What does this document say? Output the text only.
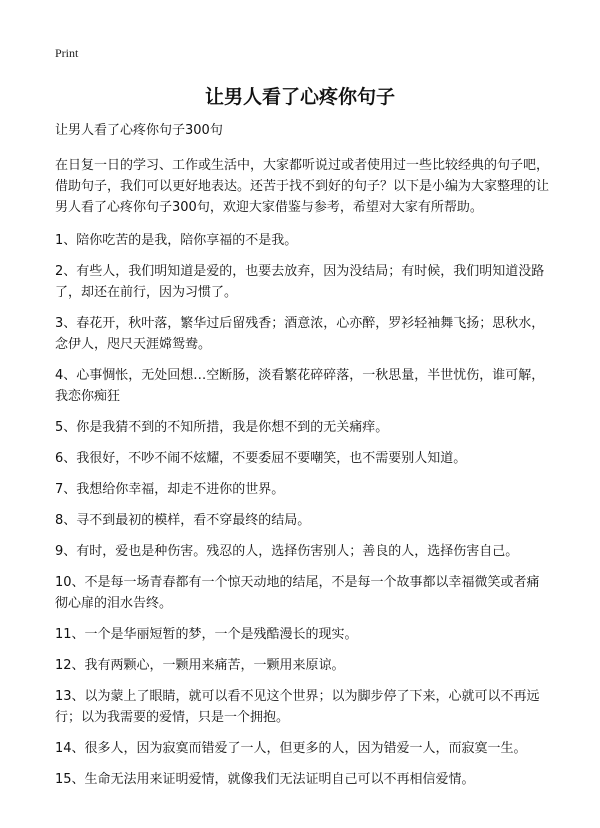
Print
让男人看了心疼你句子

让男人看了心疼你句子300句

在日复一日的学习、工作或生活中，大家都听说过或者使用过一些比较经典的句子吧，借助句子，我们可以更好地表达。还苦于找不到好的句子？以下是小编为大家整理的让男人看了心疼你句子300句，欢迎大家借鉴与参考，希望对大家有所帮助。

1、陪你吃苦的是我，陪你享福的不是我。

2、有些人，我们明知道是爱的，也要去放弃，因为没结局；有时候，我们明知道没路了，却还在前行，因为习惯了。

3、春花开，秋叶落，繁华过后留残香；酒意浓，心亦醉，罗衫轻袖舞飞扬；思秋水，念伊人，咫尺天涯嫦鸳鸯。

4、心事惆怅，无处回想…空断肠，淡看繁花碎碎落，一秋思量，半世忧伤，谁可解，我恋你痴狂

5、你是我猜不到的不知所措，我是你想不到的无关痛痒。

6、我很好，不吵不闹不炫耀，不要委屈不要嘲笑，也不需要别人知道。

7、我想给你幸福，却走不进你的世界。

8、寻不到最初的模样，看不穿最终的结局。

9、有时，爱也是种伤害。残忍的人，选择伤害别人；善良的人，选择伤害自己。

10、不是每一场青春都有一个惊天动地的结尾，不是每一个故事都以幸福微笑或者痛彻心扉的泪水告终。

11、一个是华丽短暂的梦，一个是残酷漫长的现实。

12、我有两颗心，一颗用来痛苦，一颗用来原谅。

13、以为蒙上了眼睛，就可以看不见这个世界；以为脚步停了下来，心就可以不再远行；以为我需要的爱情，只是一个拥抱。

14、很多人，因为寂寞而错爱了一人，但更多的人，因为错爱一人，而寂寞一生。

15、生命无法用来证明爱情，就像我们无法证明自己可以不再相信爱情。
